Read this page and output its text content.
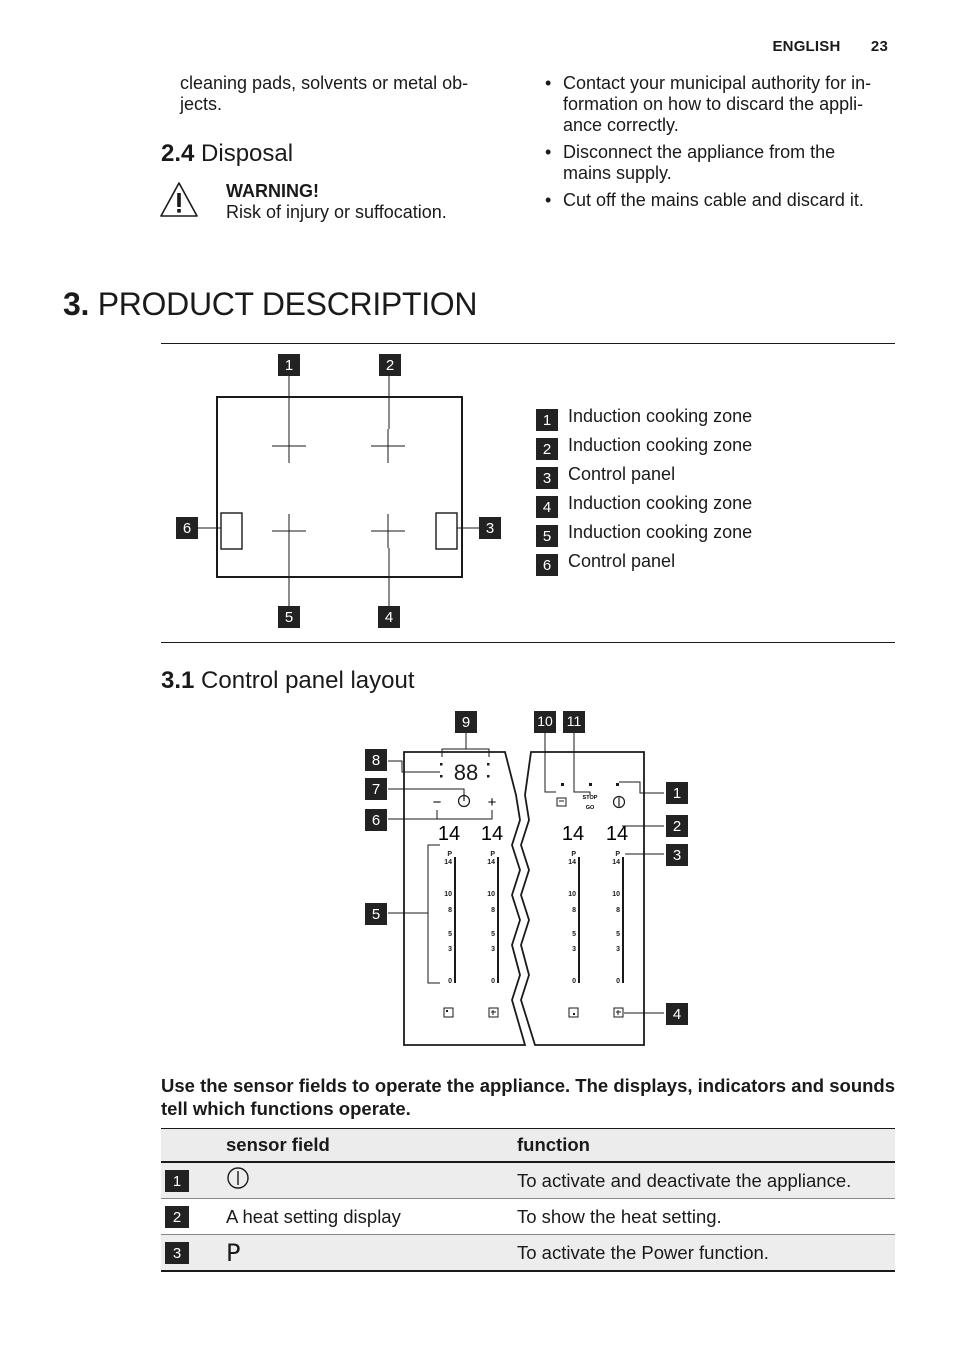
ENGLISH 23
cleaning pads, solvents or metal ob-
jects.
2.4 Disposal
WARNING!
Risk of injury or suffocation.
• Contact your municipal authority for in-
formation on how to discard the appli-
ance correctly.
• Disconnect the appliance from the
mains supply.
• Cut off the mains cable and discard it.
3. PRODUCT DESCRIPTION
1	2
3
4
5
6
1 Induction cooking zone
2 Induction cooking zone
3 Control panel
4 Induction cooking zone
5 Induction cooking zone
6 Control panel
3.1 Control panel layout
88
−	+
14 14	14 14
P
14
10
8
5
3
0
P
14
10
8
5
3
0
P
14
10
8
5
3
0
P
14
10
8
5
3
0
STOP
GO
9
8
7
6
5
10 11
1
2
3
4
Use the sensor fields to operate the appliance. The displays, indicators and sounds tell which functions operate.
	sensor field	function
1		To activate and deactivate the appliance.
2	A heat setting display	To show the heat setting.
3	P	To activate the Power function.
